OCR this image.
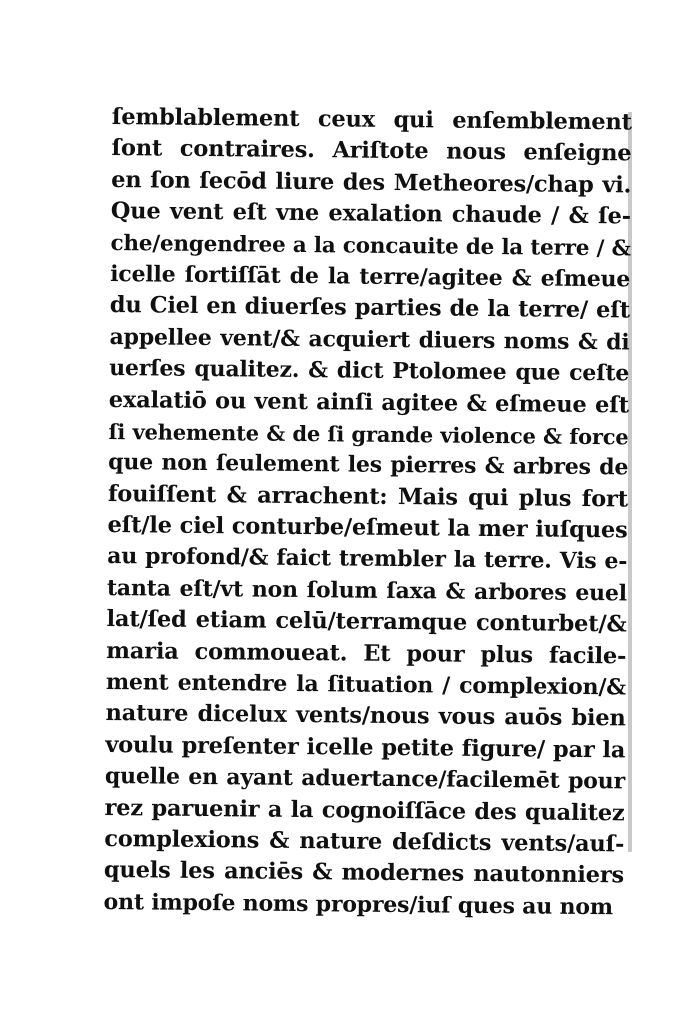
ſemblablement ceux qui enſemblement
ſont contraires. Ariſtote nous enſeigne
en ſon ſecōd liure des Metheores/chap vi.
Que vent eſt vne exalation chaude / & ſe-
che/engendree a la concauite de la terre / &
icelle ſortiſſāt de la terre/agitee & eſmeue
du Ciel en diuerſes parties de la terre/ eſt
appellee vent/& acquiert diuers noms & di
uerſes qualitez. & dict Ptolomee que ceſte
exalatiō ou vent ainſi agitee & eſmeue eſt
ſi vehemente & de ſi grande violence & force
que non ſeulement les pierres & arbres de
fouiſſent & arrachent: Mais qui plus fort
eſt/le ciel conturbe/eſmeut la mer iuſques
au profond/& faict trembler la terre. Vis e-
tanta eſt/vt non ſolum ſaxa & arbores euel
lat/ſed etiam celū/terramque conturbet/&
maria commoueat. Et pour plus facile-
ment entendre la ſituation / complexion/&
nature dicelux vents/nous vous auōs bien
voulu preſenter icelle petite figure/ par la
quelle en ayant aduertance/facilemēt pour
rez paruenir a la cognoiſſāce des qualitez
complexions & nature deſdicts vents/auſ-
quels les anciēs & modernes nautonniers
ont impoſe noms propres/iuſ ques au nom
